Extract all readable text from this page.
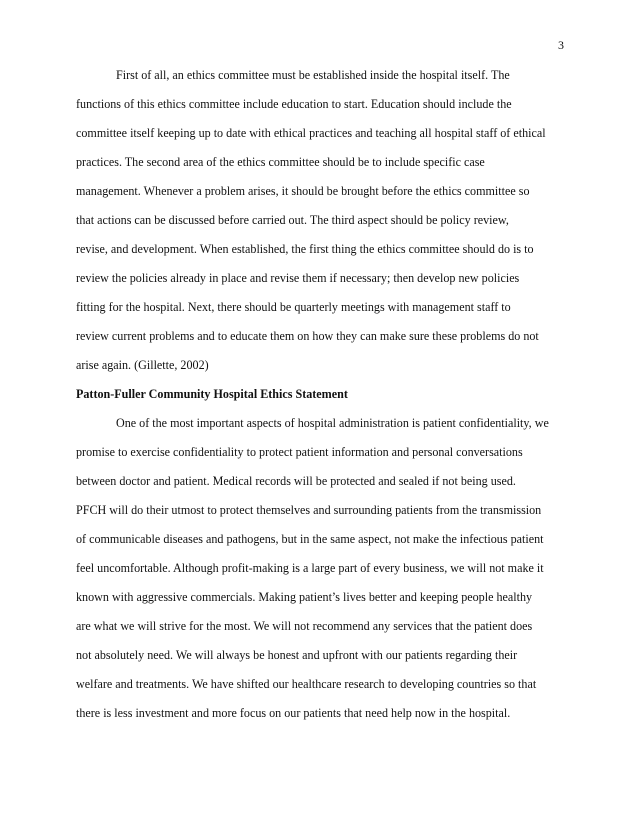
3
First of all, an ethics committee must be established inside the hospital itself. The
functions of this ethics committee include education to start. Education should include the
committee itself keeping up to date with ethical practices and teaching all hospital staff of ethical
practices. The second area of the ethics committee should be to include specific case
management. Whenever a problem arises, it should be brought before the ethics committee so
that actions can be discussed before carried out. The third aspect should be policy review,
revise, and development. When established, the first thing the ethics committee should do is to
review the policies already in place and revise them if necessary; then develop new policies
fitting for the hospital. Next, there should be quarterly meetings with management staff to
review current problems and to educate them on how they can make sure these problems do not
arise again. (Gillette, 2002)
Patton-Fuller Community Hospital Ethics Statement
One of the most important aspects of hospital administration is patient confidentiality, we
promise to exercise confidentiality to protect patient information and personal conversations
between doctor and patient. Medical records will be protected and sealed if not being used.
PFCH will do their utmost to protect themselves and surrounding patients from the transmission
of communicable diseases and pathogens, but in the same aspect, not make the infectious patient
feel uncomfortable. Although profit-making is a large part of every business, we will not make it
known with aggressive commercials. Making patient’s lives better and keeping people healthy
are what we will strive for the most. We will not recommend any services that the patient does
not absolutely need. We will always be honest and upfront with our patients regarding their
welfare and treatments. We have shifted our healthcare research to developing countries so that
there is less investment and more focus on our patients that need help now in the hospital.
